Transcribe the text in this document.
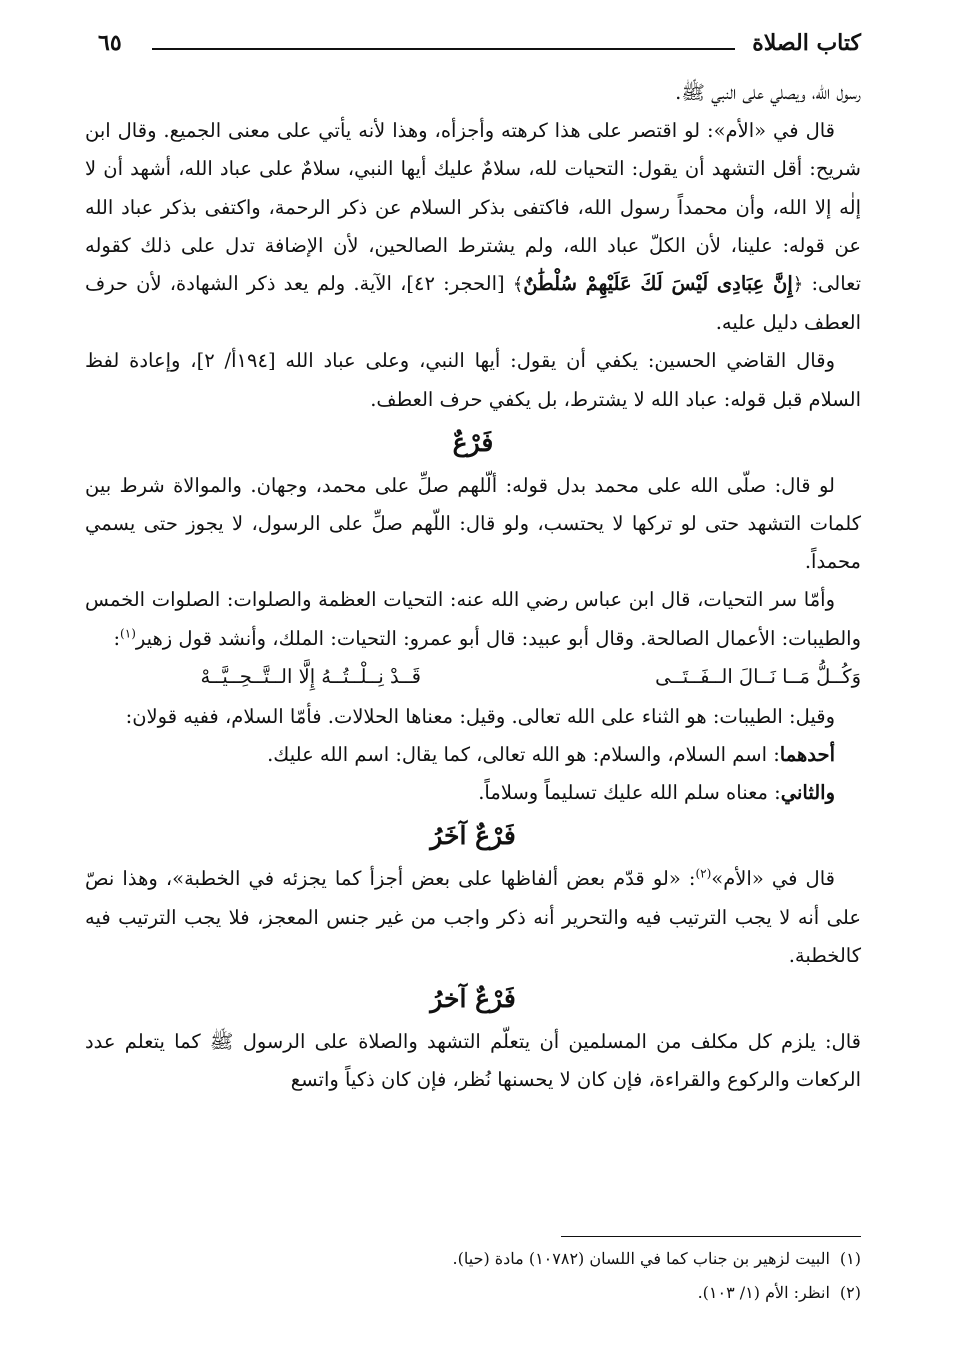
كتاب الصلاة
٦٥

رسول الله، ويصلي على النبي ﷺ.

قال في «الأم»: لو اقتصر على هذا كرهته وأجزأه، وهذا لأنه يأتي على معنى الجميع. وقال ابن شريح: أقل التشهد أن يقول: التحيات لله، سلامٌ عليك أيها النبي، سلامٌ على عباد الله، أشهد أن لا إلٰه إلا الله، وأن محمداً رسول الله، فاكتفى بذكر السلام عن ذكر الرحمة، واكتفى بذكر عباد الله عن قوله: علينا، لأن الكلّ عباد الله، ولم يشترط الصالحين، لأن الإضافة تدل على ذلك كقوله تعالى: ﴿إِنَّ عِبَادِى لَيْسَ لَكَ عَلَيْهِمْ سُلْطَٰنٌ﴾ [الحجر: ٤٢]، الآية. ولم يعد ذكر الشهادة، لأن حرف العطف دليل عليه.

وقال القاضي الحسين: يكفي أن يقول: أيها النبي، وعلى عباد الله [١٩٤أ/ ٢]، وإعادة لفظ السلام قبل قوله: عباد الله لا يشترط، بل يكفي حرف العطف.

فَرْعٌ

لو قال: صلّى الله على محمد بدل قوله: ألّلهم صلِّ على محمد، وجهان. والموالاة شرط بين كلمات التشهد حتى لو تركها لا يحتسب، ولو قال: اللّهم صلِّ على الرسول، لا يجوز حتى يسمي محمداً.

وأمّا سر التحيات، قال ابن عباس رضي الله عنه: التحيات العظمة والصلوات: الصلوات الخمس والطيبات: الأعمال الصالحة. وقال أبو عبيد: قال أبو عمرو: التحيات: الملك، وأنشد قول زهير$^{(١)}$:

وَكُــلُّ مَــا نَــالَ الــفَــتَــى
قَــدْ نِــلْــتُــهُ إِلَّا الــتَّــحِــيَّــهْ

وقيل: الطيبات: هو الثناء على الله تعالى. وقيل: معناها الحلالات. فأمّا السلام، ففيه قولان:

أحدهما: اسم السلام، والسلام: هو الله تعالى، كما يقال: اسم الله عليك.

والثاني: معناه سلم الله عليك تسليماً وسلاماً.

فَرْعٌ آخَرُ

قال في «الأم»$^{(٢)}$: «لو قدّم بعض ألفاظها على بعض أجزأ كما يجزئه في الخطبة»، وهذا نصّ على أنه لا يجب الترتيب فيه والتحرير أنه ذكر واجب من غير جنس المعجز، فلا يجب الترتيب فيه كالخطبة.

فَرْعٌ آخرُ

قال: يلزم كل مكلف من المسلمين أن يتعلّم التشهد والصلاة على الرسول ﷺ كما يتعلم عدد الركعات والركوع والقراءة، فإن كان لا يحسنها نُظر، فإن كان ذكياً واتسع

(١)البيت لزهير بن جناب كما في اللسان (١٠٧٨٢) مادة (حيا).
(٢)انظر: الأم (١/ ١٠٣).
